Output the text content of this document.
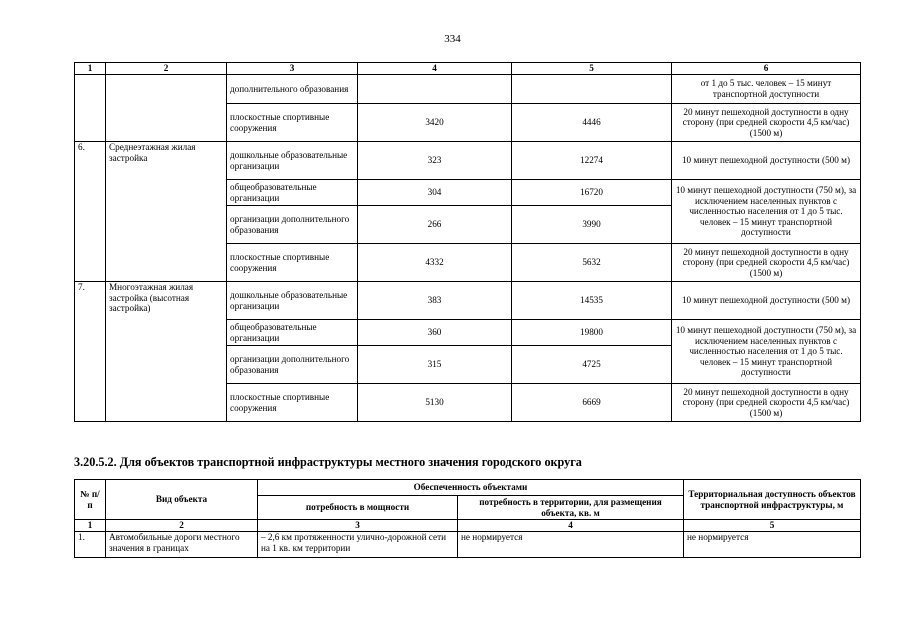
334
1	2	3	4	5	6
		дополнительного образования			от 1 до 5 тыс. человек – 15 минут транспортной доступности
		плоскостные спортивные сооружения	3420	4446	20 минут пешеходной доступности в одну сторону (при средней скорости 4,5 км/час) (1500 м)
6.	Среднеэтажная жилая застройка	дошкольные образовательные организации	323	12274	10 минут пешеходной доступности (500 м)
		общеобразовательные организации	304	16720	10 минут пешеходной доступности (750 м), за исключением населенных пунктов с численностью населения от 1 до 5 тыс. человек – 15 минут транспортной доступности
		организации дополнительного образования	266	3990	
		плоскостные спортивные сооружения	4332	5632	20 минут пешеходной доступности в одну сторону (при средней скорости 4,5 км/час) (1500 м)
7.	Многоэтажная жилая застройка (высотная застройка)	дошкольные образовательные организации	383	14535	10 минут пешеходной доступности (500 м)
		общеобразовательные организации	360	19800	10 минут пешеходной доступности (750 м), за исключением населенных пунктов с численностью населения от 1 до 5 тыс. человек – 15 минут транспортной доступности
		организации дополнительного образования	315	4725	
		плоскостные спортивные сооружения	5130	6669	20 минут пешеходной доступности в одну сторону (при средней скорости 4,5 км/час) (1500 м)
3.20.5.2. Для объектов транспортной инфраструктуры местного значения городского округа
№ п/п	Вид объекта	Обеспеченность объектами		Территориальная доступность объектов транспортной инфраструктуры, м
		потребность в мощности	потребность в территории, для размещения объекта, кв. м	
1	2	3	4	5
1.	Автомобильные дороги местного значения в границах	– 2,6 км протяженности улично-дорожной сети на 1 кв. км территории	не нормируется	не нормируется
